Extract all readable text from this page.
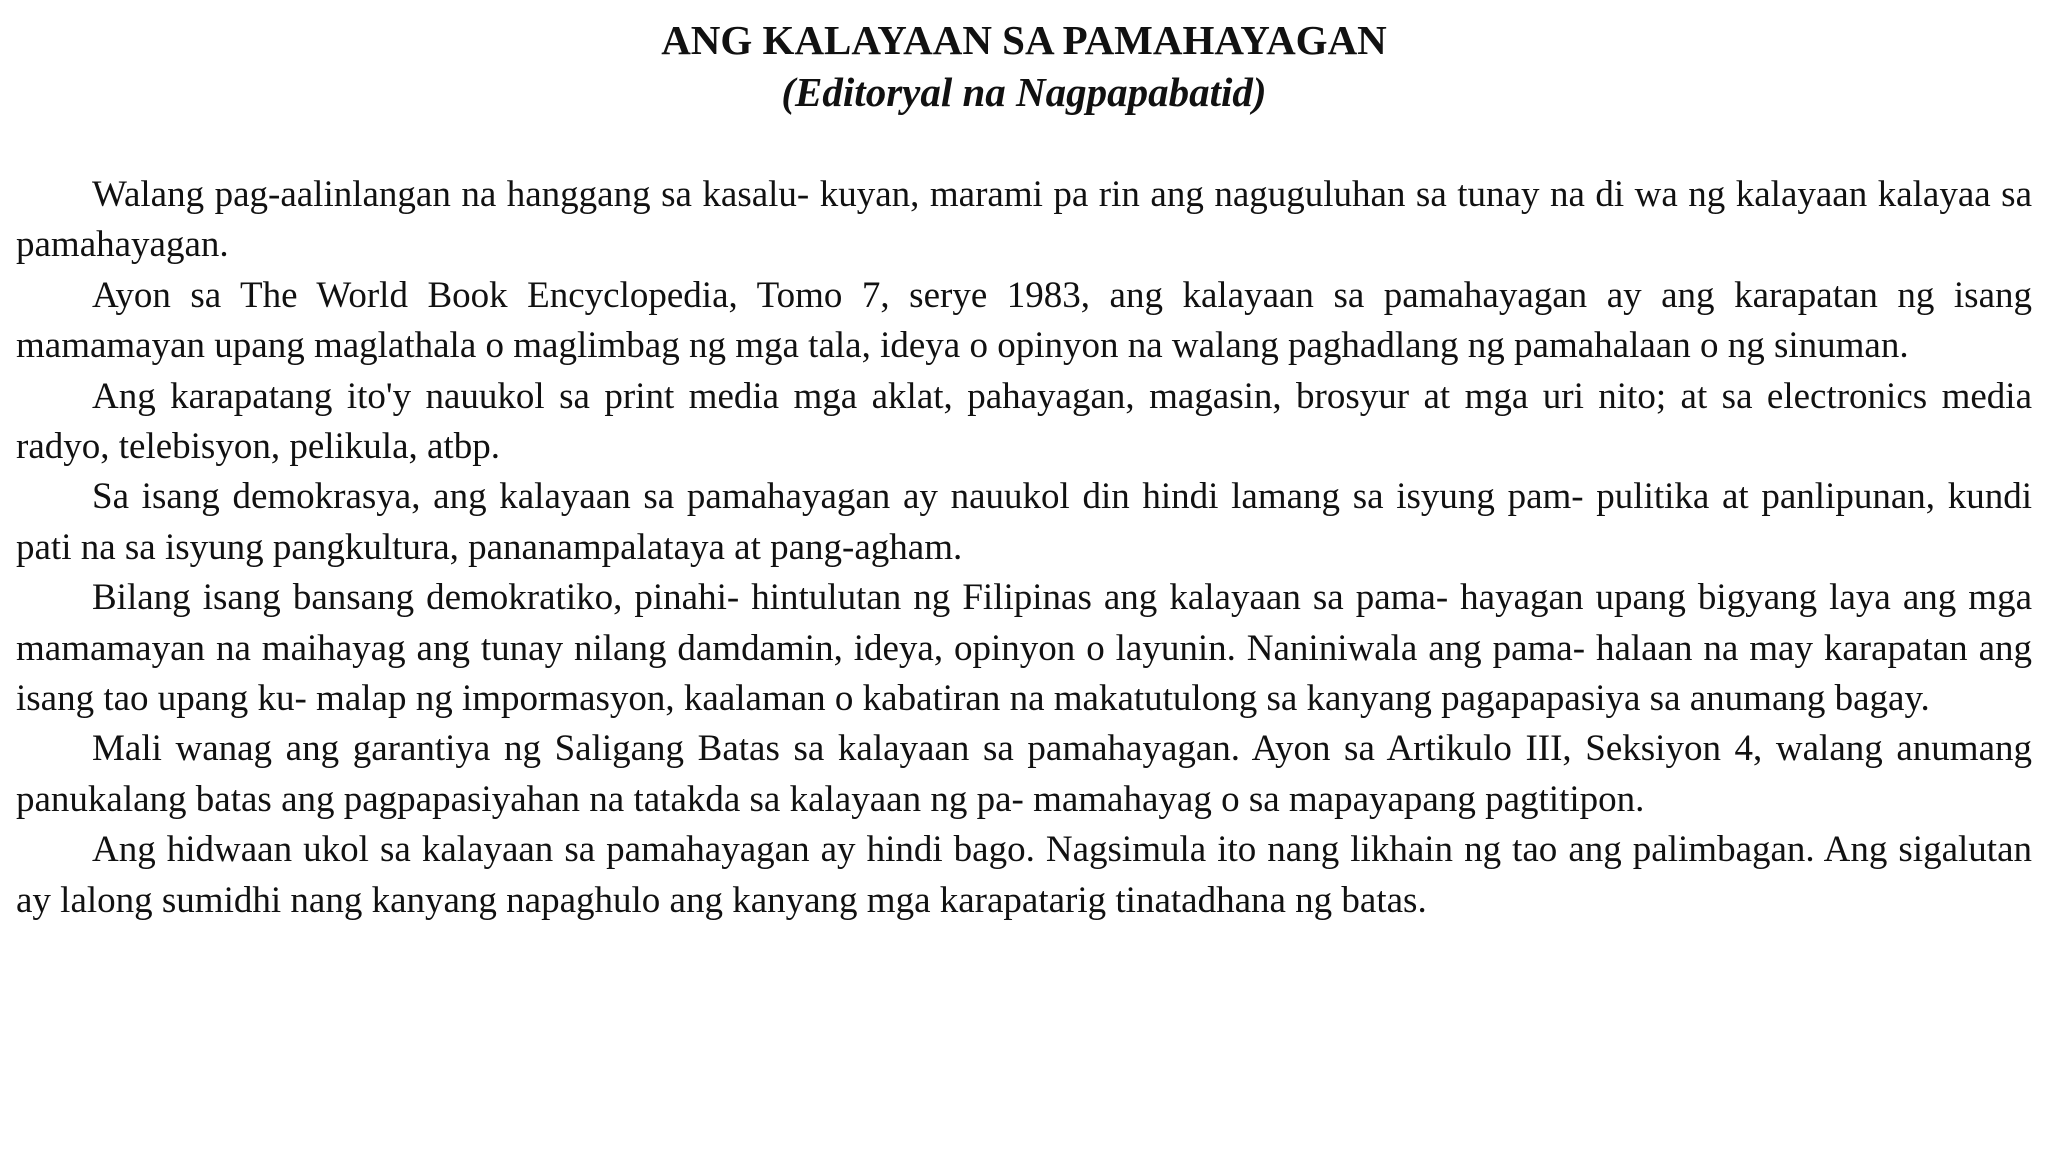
ANG KALAYAAN SA PAMAHAYAGAN
(Editoryal na Nagpapabatid)

Walang pag-aalinlangan na hanggang sa kasalu- kuyan, marami pa rin ang naguguluhan sa tunay na di wa ng kalayaan kalayaa sa pamahayagan.

Ayon sa The World Book Encyclopedia, Tomo 7, serye 1983, ang kalayaan sa pamahayagan ay ang karapatan ng isang mamamayan upang maglathala o maglimbag ng mga tala, ideya o opinyon na walang paghadlang ng pamahalaan o ng sinuman.

Ang karapatang ito'y nauukol sa print media mga aklat, pahayagan, magasin, brosyur at mga uri nito; at sa electronics media radyo, telebisyon, pelikula, atbp.

Sa isang demokrasya, ang kalayaan sa pamahayagan ay nauukol din hindi lamang sa isyung pam- pulitika at panlipunan, kundi pati na sa isyung pangkultura, pananampalataya at pang-agham.

Bilang isang bansang demokratiko, pinahi- hintulutan ng Filipinas ang kalayaan sa pama- hayagan upang bigyang laya ang mga mamamayan na maihayag ang tunay nilang damdamin, ideya, opinyon o layunin. Naniniwala ang pama- halaan na may karapatan ang isang tao upang ku- malap ng impormasyon, kaalaman o kabatiran na makatutulong sa kanyang pagapapasiya sa anumang bagay.

Mali wanag ang garantiya ng Saligang Batas sa kalayaan sa pamahayagan. Ayon sa Artikulo III, Seksiyon 4, walang anumang panukalang batas ang pagpapasiyahan na tatakda sa kalayaan ng pa- mamahayag o sa mapayapang pagtitipon.

Ang hidwaan ukol sa kalayaan sa pamahayagan ay hindi bago. Nagsimula ito nang likhain ng tao ang palimbagan. Ang sigalutan ay lalong sumidhi nang kanyang napaghulo ang kanyang mga karapatarig tinatadhana ng batas.
